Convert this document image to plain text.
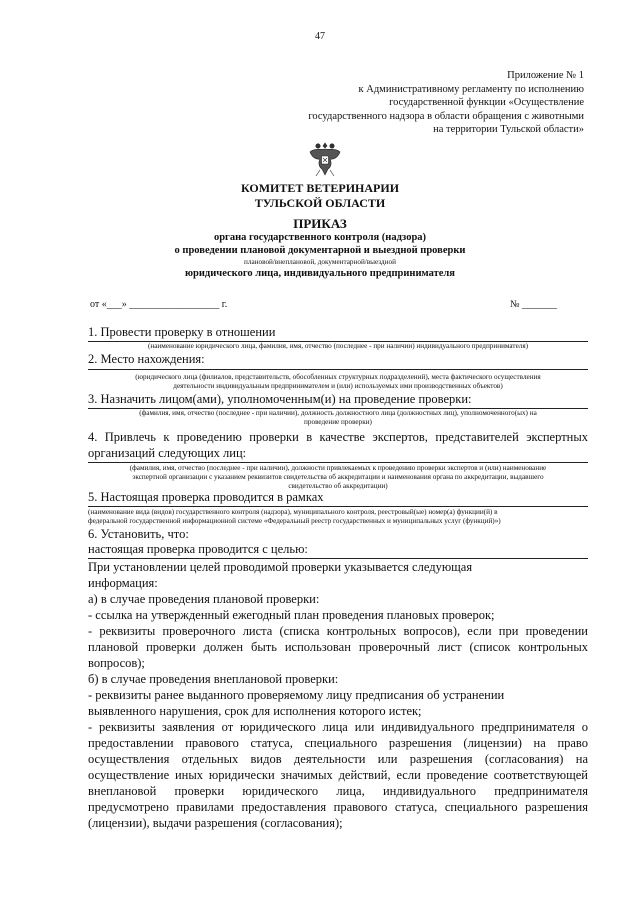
47
Приложение № 1
к Административному регламенту по исполнению
государственной функции «Осуществление
государственного надзора в области обращения с животными
на территории Тульской области»
КОМИТЕТ ВЕТЕРИНАРИИ
ТУЛЬСКОЙ ОБЛАСТИ
ПРИКАЗ
органа государственного контроля (надзора)
о проведении плановой документарной и выездной проверки
плановой/внеплановой, документарной/выездной
юридического лица, индивидуального предпринимателя
от «___» __________________ г.	№ _______
1. Провести проверку в отношении
(наименование юридического лица, фамилия, имя, отчество (последнее - при наличии) индивидуального предпринимателя)
2. Место нахождения:
(юридического лица (филиалов, представительств, обособленных структурных подразделений), места фактического осуществления
деятельности индивидуальным предпринимателем и (или) используемых ими производственных объектов)
3. Назначить лицом(ами), уполномоченным(и) на проведение проверки:
(фамилия, имя, отчество (последнее - при наличии), должность должностного лица (должностных лиц), уполномоченного(ых) на
проведение проверки)
4. Привлечь к проведению проверки в качестве экспертов, представителей экспертных
организаций следующих лиц:
(фамилия, имя, отчество (последнее - при наличии), должности привлекаемых к проведению проверки экспертов и (или) наименование
экспертной организации с указанием реквизитов свидетельства об аккредитации и наименования органа по аккредитации, выдавшего
свидетельство об аккредитации)
5. Настоящая проверка проводится в рамках
(наименование вида (видов) государственного контроля (надзора), муниципального контроля, реестровый(ые) номер(а) функции(й) в
федеральной государственной информационной системе «Федеральный реестр государственных и муниципальных услуг (функций)»)
6. Установить, что:
настоящая проверка проводится с целью:
При установлении целей проводимой проверки указывается следующая
информация:
а) в случае проведения плановой проверки:
- ссылка на утвержденный ежегодный план проведения плановых проверок;
- реквизиты проверочного листа (списка контрольных вопросов), если при проведении
плановой проверки должен быть использован проверочный лист (список контрольных
вопросов);
б) в случае проведения внеплановой проверки:
- реквизиты ранее выданного проверяемому лицу предписания об устранении
выявленного нарушения, срок для исполнения которого истек;
- реквизиты заявления от юридического лица или индивидуального предпринимателя о
предоставлении правового статуса, специального разрешения (лицензии) на право
осуществления отдельных видов деятельности или разрешения (согласования) на
осуществление иных юридически значимых действий, если проведение соответствующей
внеплановой проверки юридического лица, индивидуального предпринимателя
предусмотрено правилами предоставления правового статуса, специального разрешения
(лицензии), выдачи разрешения (согласования);
